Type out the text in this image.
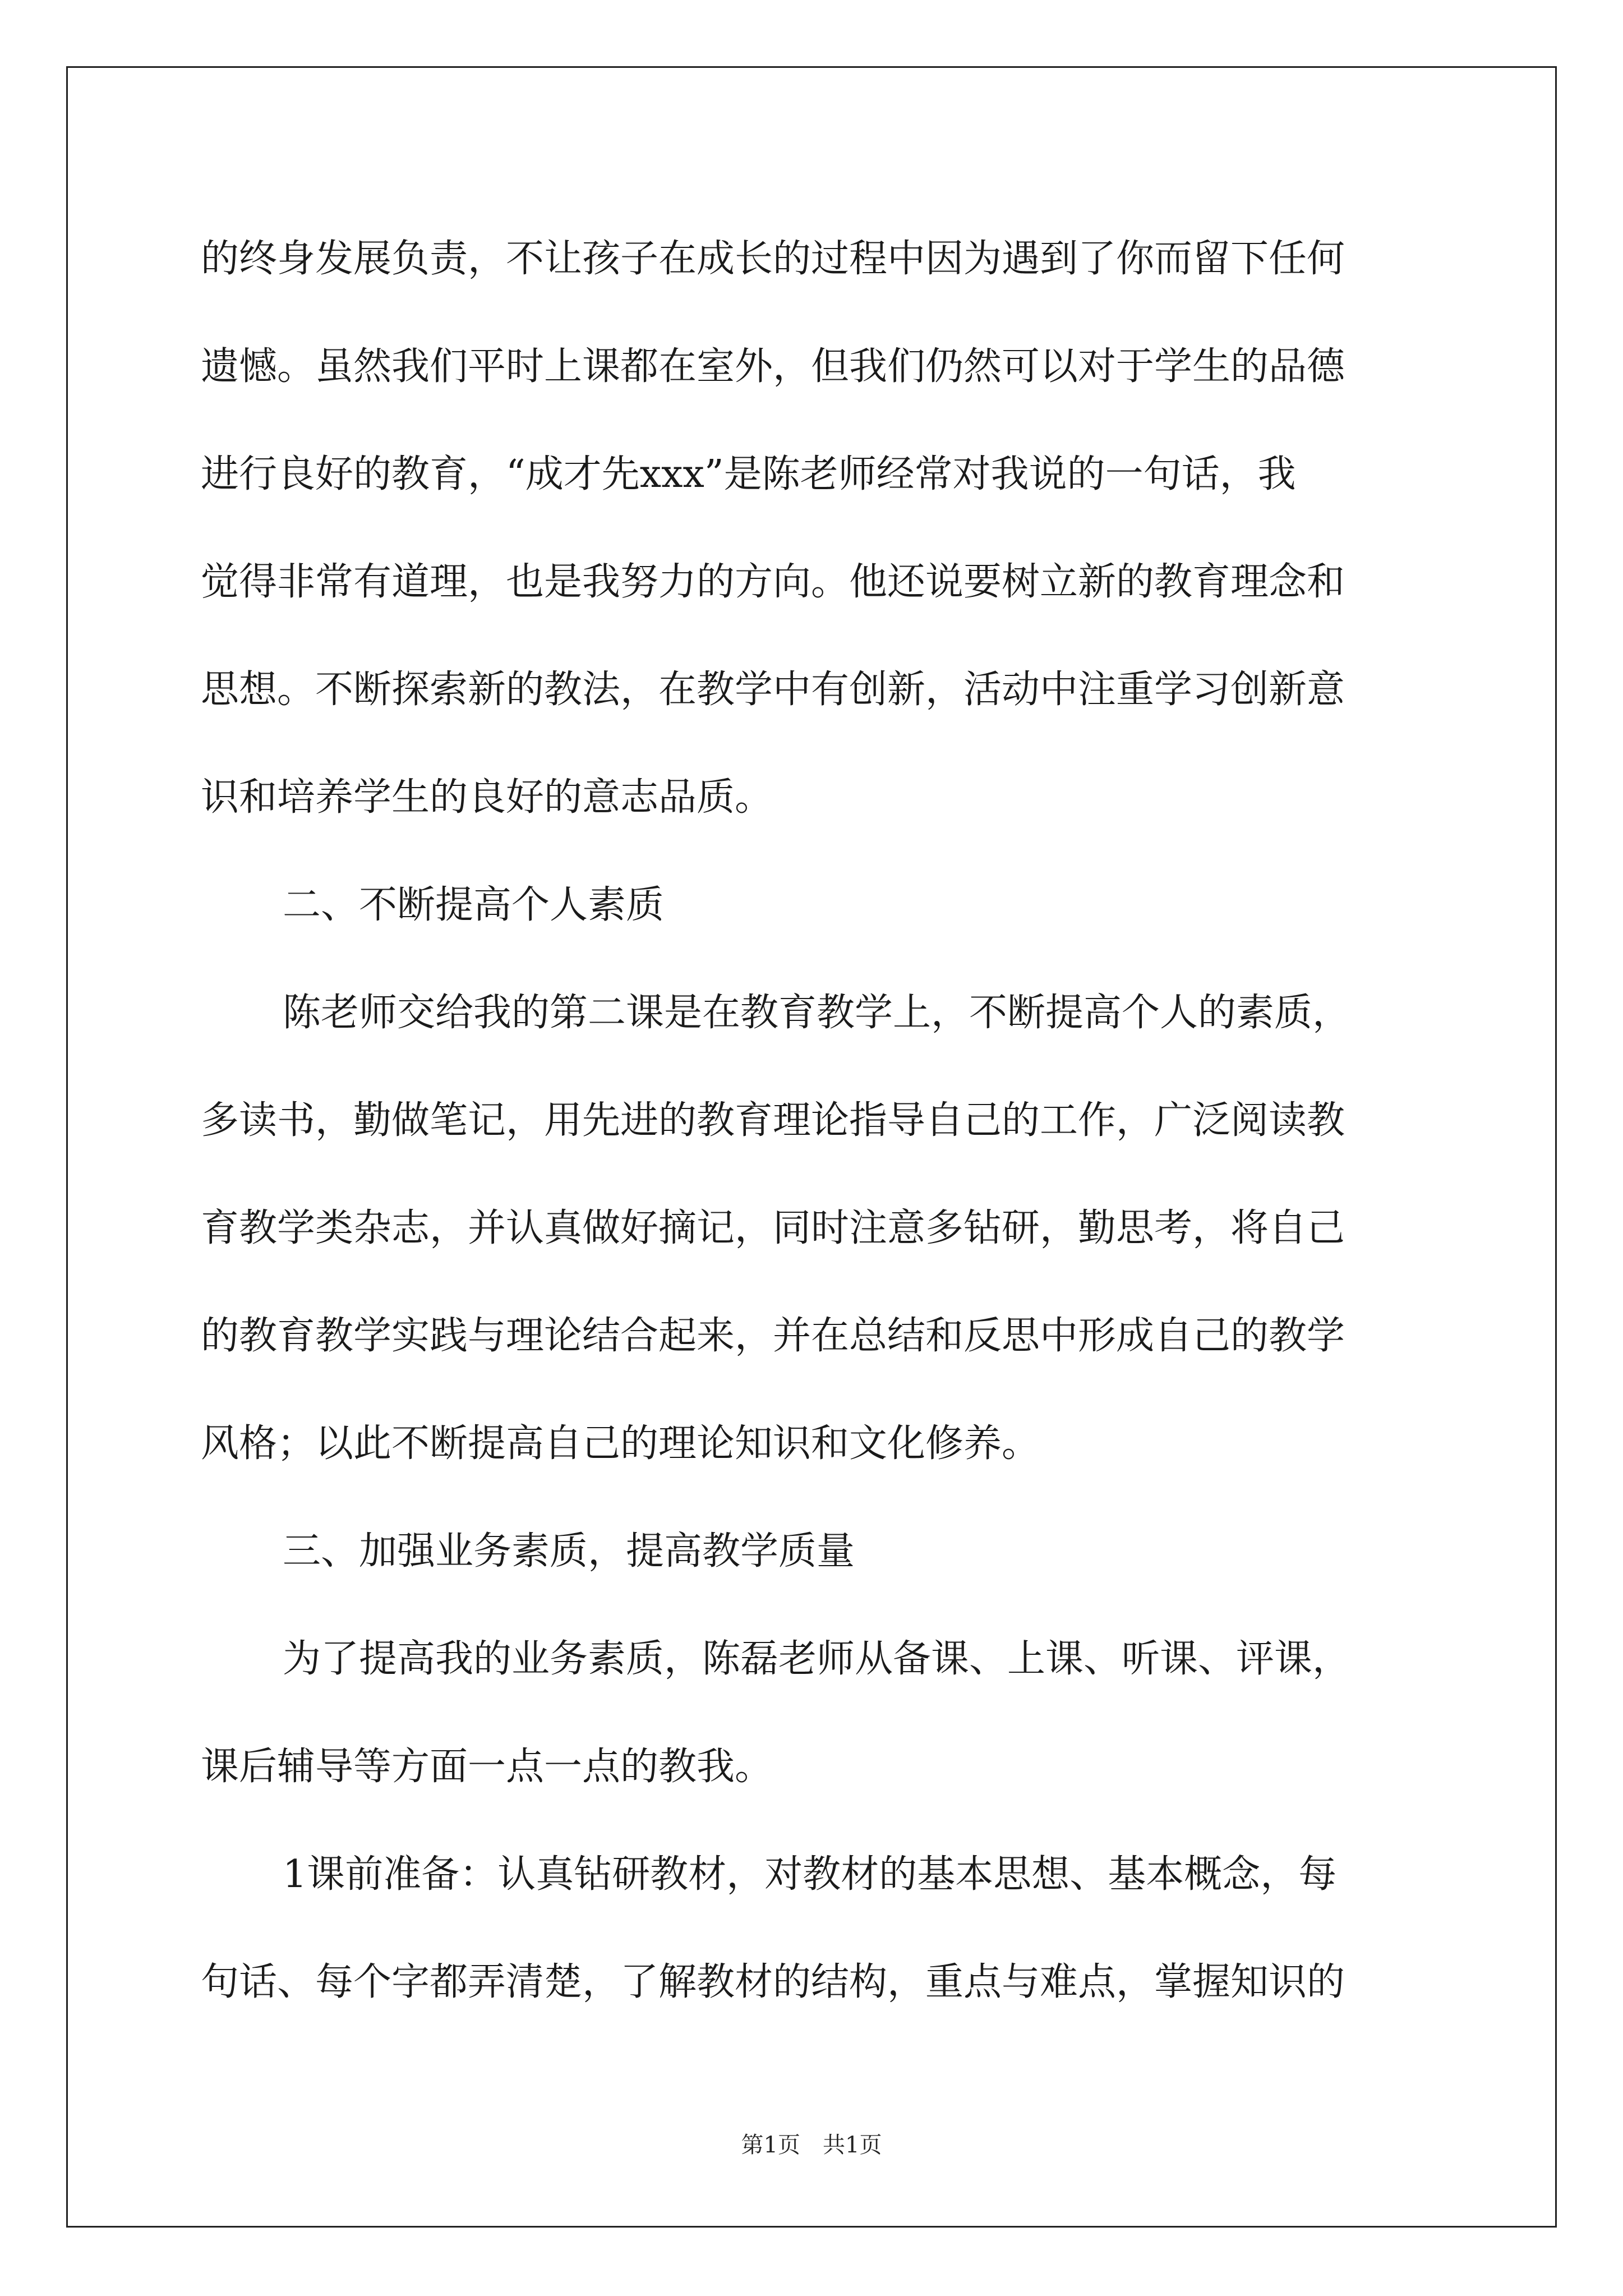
的终身发展负责，不让孩子在成长的过程中因为遇到了你而留下任何
遗憾。虽然我们平时上课都在室外，但我们仍然可以对于学生的品德
进行良好的教育，“成才先xxx”是陈老师经常对我说的一句话，我
觉得非常有道理，也是我努力的方向。他还说要树立新的教育理念和
思想。不断探索新的教法，在教学中有创新，活动中注重学习创新意
识和培养学生的良好的意志品质。
二、不断提高个人素质
陈老师交给我的第二课是在教育教学上，不断提高个人的素质，
多读书，勤做笔记，用先进的教育理论指导自己的工作，广泛阅读教
育教学类杂志，并认真做好摘记，同时注意多钻研，勤思考，将自己
的教育教学实践与理论结合起来，并在总结和反思中形成自己的教学
风格；以此不断提高自己的理论知识和文化修养。
三、加强业务素质，提高教学质量
为了提高我的业务素质，陈磊老师从备课、上课、听课、评课，
课后辅导等方面一点一点的教我。
1课前准备：认真钻研教材，对教材的基本思想、基本概念，每
句话、每个字都弄清楚，了解教材的结构，重点与难点，掌握知识的
第1页 共1页
